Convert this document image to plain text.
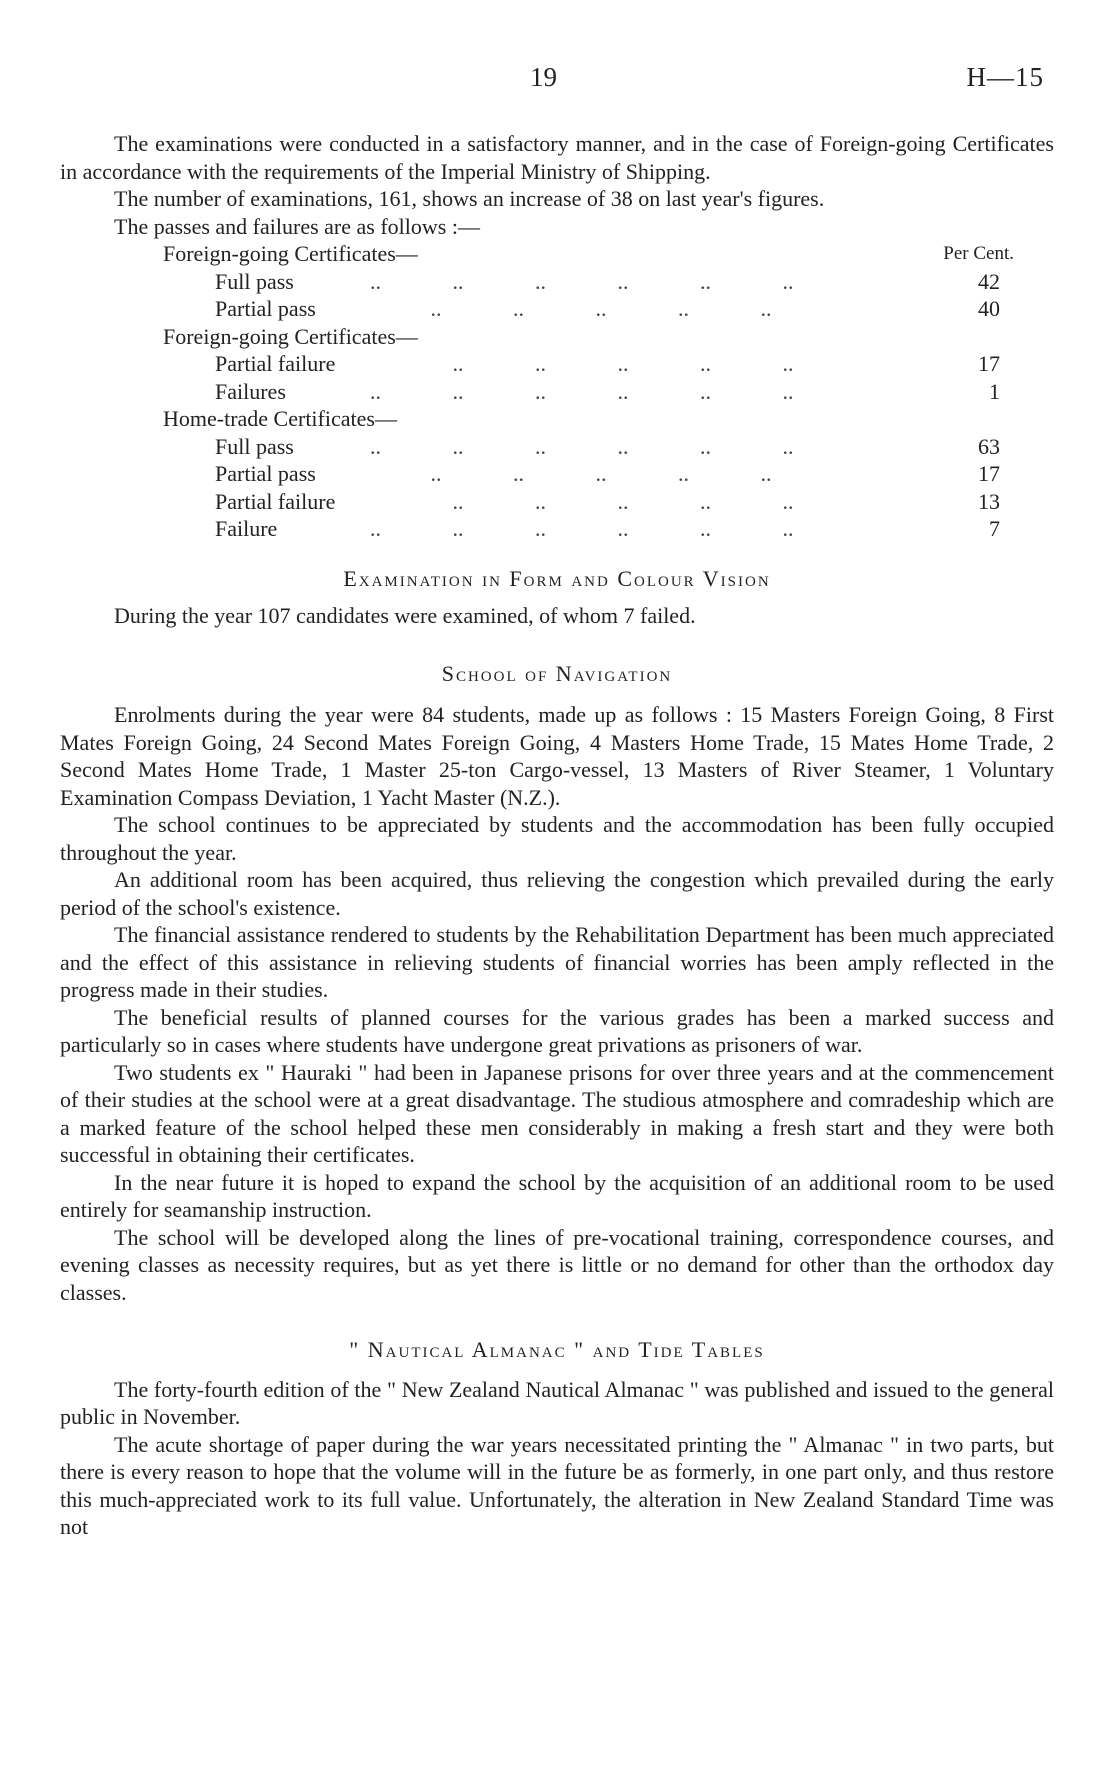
19	H—15

The examinations were conducted in a satisfactory manner, and in the case of Foreign-going Certificates in accordance with the requirements of the Imperial Ministry of Shipping.

The number of examinations, 161, shows an increase of 38 on last year's figures.

The passes and failures are as follows :—

Foreign-going Certificates—	Per Cent.
Full pass	..             ..             ..             ..             ..             ..	42
Partial pass ..             ..             ..             ..             ..	40
Foreign-going Certificates—
Partial failure ..             ..             ..             ..             ..	17
Failures	..             ..             ..             ..             ..             ..	1
Home-trade Certificates—
Full pass	..             ..             ..             ..             ..             ..	63
Partial pass ..             ..             ..             ..             ..	17
Partial failure ..             ..             ..             ..             ..	13
Failure	..             ..             ..             ..             ..             ..	7
Examination in Form and Colour Vision

During the year 107 candidates were examined, of whom 7 failed.

School of Navigation

Enrolments during the year were 84 students, made up as follows : 15 Masters Foreign Going, 8 First Mates Foreign Going, 24 Second Mates Foreign Going, 4 Masters Home Trade, 15 Mates Home Trade, 2 Second Mates Home Trade, 1 Master 25-ton Cargo-vessel, 13 Masters of River Steamer, 1 Voluntary Examination Compass Deviation, 1 Yacht Master (N.Z.).

The school continues to be appreciated by students and the accommodation has been fully occupied throughout the year.

An additional room has been acquired, thus relieving the congestion which prevailed during the early period of the school's existence.

The financial assistance rendered to students by the Rehabilitation Department has been much appreciated and the effect of this assistance in relieving students of financial worries has been amply reflected in the progress made in their studies.

The beneficial results of planned courses for the various grades has been a marked success and particularly so in cases where students have undergone great privations as prisoners of war.

Two students ex " Hauraki " had been in Japanese prisons for over three years and at the commencement of their studies at the school were at a great disadvantage. The studious atmosphere and comradeship which are a marked feature of the school helped these men considerably in making a fresh start and they were both successful in obtaining their certificates.

In the near future it is hoped to expand the school by the acquisition of an additional room to be used entirely for seamanship instruction.

The school will be developed along the lines of pre-vocational training, correspondence courses, and evening classes as necessity requires, but as yet there is little or no demand for other than the orthodox day classes.

" Nautical Almanac " and Tide Tables

The forty-fourth edition of the " New Zealand Nautical Almanac " was published and issued to the general public in November.

The acute shortage of paper during the war years necessitated printing the " Almanac " in two parts, but there is every reason to hope that the volume will in the future be as formerly, in one part only, and thus restore this much-appreciated work to its full value. Unfortunately, the alteration in New Zealand Standard Time was not
